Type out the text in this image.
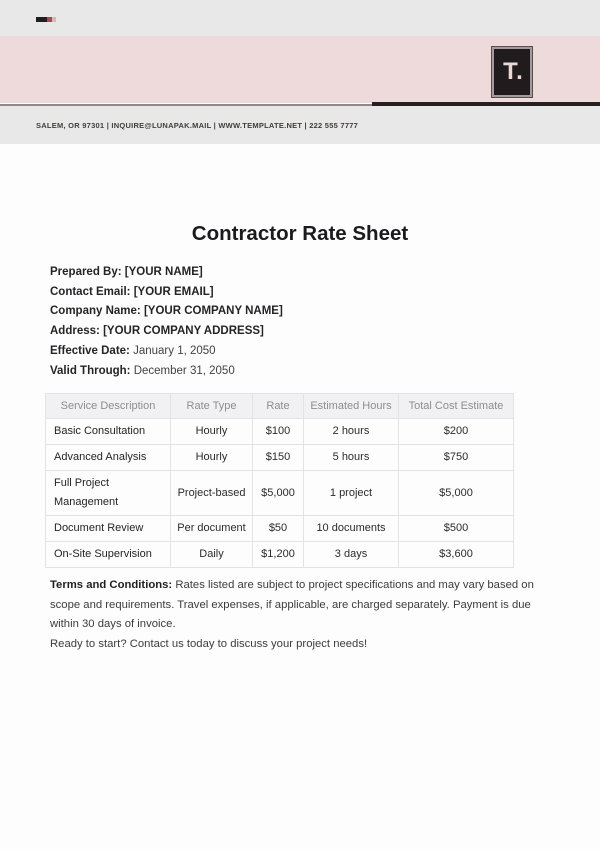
T.
SALEM, OR 97301 | INQUIRE@LUNAPAK.MAIL | WWW.TEMPLATE.NET | 222 555 7777
Contractor Rate Sheet

Prepared By: [YOUR NAME]

Contact Email: [YOUR EMAIL]

Company Name: [YOUR COMPANY NAME]

Address: [YOUR COMPANY ADDRESS]

Effective Date: January 1, 2050

Valid Through: December 31, 2050

Service Description	Rate Type	Rate	Estimated Hours	Total Cost Estimate
Basic Consultation	Hourly	$100	2 hours	$200
Advanced Analysis	Hourly	$150	5 hours	$750
Full Project Management	Project-based	$5,000	1 project	$5,000
Document Review	Per document	$50	10 documents	$500
On-Site Supervision	Daily	$1,200	3 days	$3,600

Terms and Conditions: Rates listed are subject to project specifications and may vary based on scope and requirements. Travel expenses, if applicable, are charged separately. Payment is due within 30 days of invoice.

Ready to start? Contact us today to discuss your project needs!
